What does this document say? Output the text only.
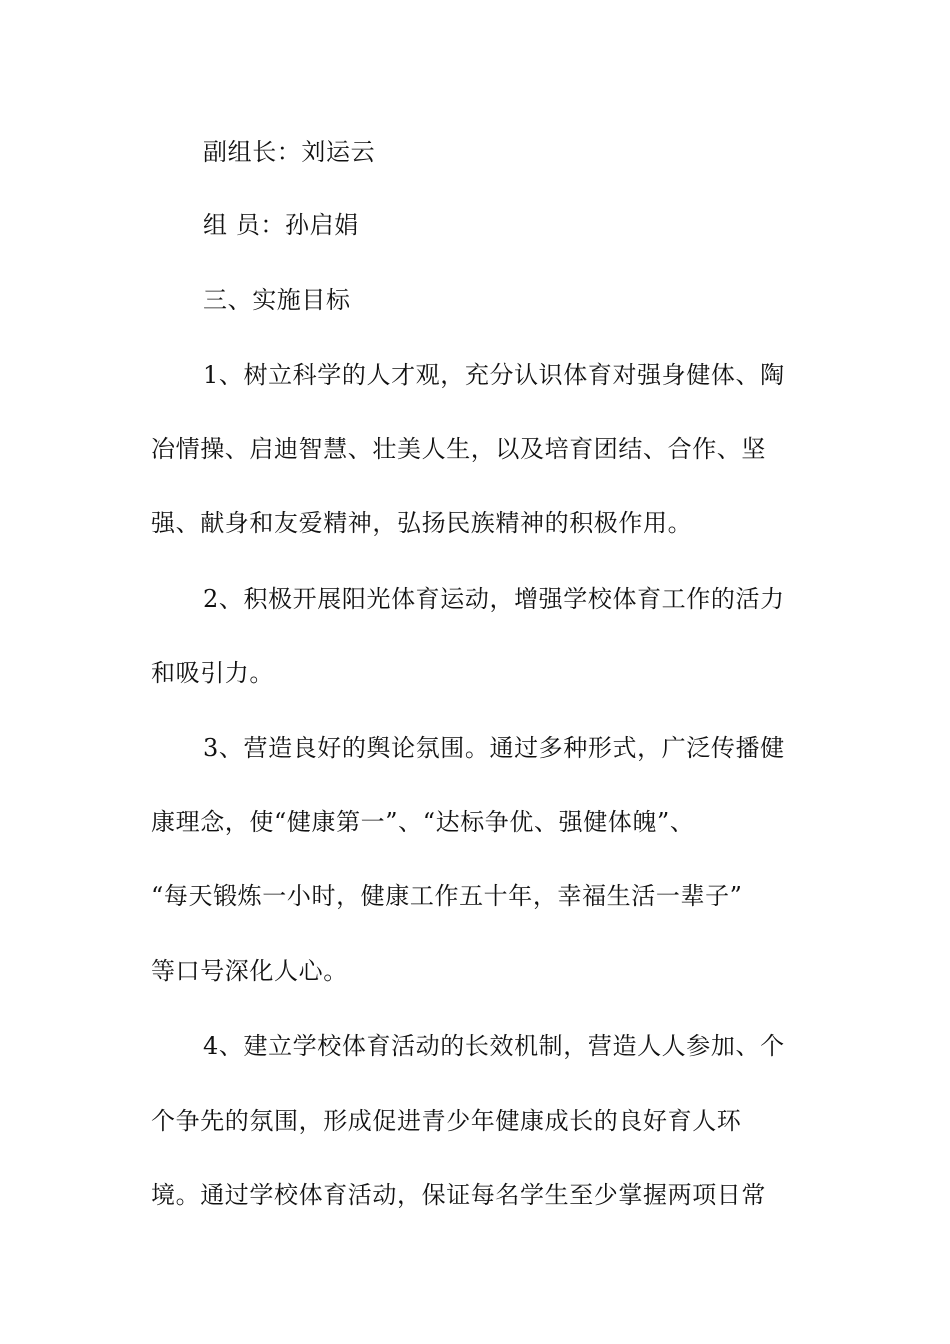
副组长：刘运云
组 员：孙启娟
三、实施目标
1、树立科学的人才观，充分认识体育对强身健体、陶
冶情操、启迪智慧、壮美人生，以及培育团结、合作、坚
强、献身和友爱精神，弘扬民族精神的积极作用。
2、积极开展阳光体育运动，增强学校体育工作的活力
和吸引力。
3、营造良好的舆论氛围。通过多种形式，广泛传播健
康理念，使“健康第一”、“达标争优、强健体魄”、
“每天锻炼一小时，健康工作五十年，幸福生活一辈子”
等口号深化人心。
4、建立学校体育活动的长效机制，营造人人参加、个
个争先的氛围，形成促进青少年健康成长的良好育人环
境。通过学校体育活动，保证每名学生至少掌握两项日常
